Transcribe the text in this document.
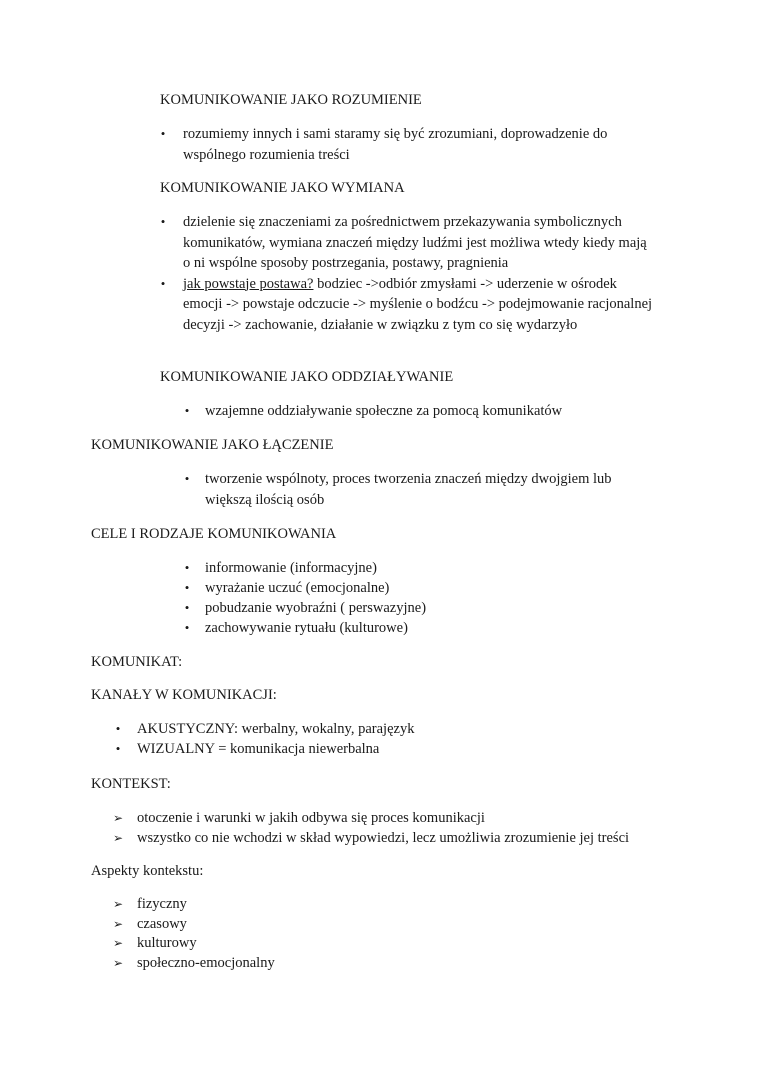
KOMUNIKOWANIE JAKO ROZUMIENIE
•	rozumiemy innych i sami staramy się być zrozumiani, doprowadzenie do wspólnego rozumienia treści
KOMUNIKOWANIE JAKO WYMIANA
•	dzielenie się znaczeniami za pośrednictwem przekazywania symbolicznych komunikatów, wymiana znaczeń między ludźmi jest możliwa wtedy kiedy mają o ni wspólne sposoby postrzegania, postawy, pragnienia
•	jak powstaje postawa? bodziec ->odbiór zmysłami -> uderzenie w ośrodek emocji -> powstaje odczucie -> myślenie o bodźcu -> podejmowanie racjonalnej decyzji -> zachowanie, działanie w związku z tym co się wydarzyło
KOMUNIKOWANIE JAKO ODDZIAŁYWANIE
•	wzajemne oddziaływanie społeczne za pomocą komunikatów
KOMUNIKOWANIE JAKO ŁĄCZENIE
•	tworzenie wspólnoty, proces tworzenia znaczeń między dwojgiem lub większą ilością osób
CELE I RODZAJE KOMUNIKOWANIA
•	informowanie (informacyjne)
•	wyrażanie uczuć (emocjonalne)
•	pobudzanie wyobraźni ( perswazyjne)
•	zachowywanie rytuału (kulturowe)
KOMUNIKAT:
KANAŁY W KOMUNIKACJI:
•	AKUSTYCZNY: werbalny, wokalny, parajęzyk
•	WIZUALNY = komunikacja niewerbalna
KONTEKST:
➢ otoczenie i warunki w jakih odbywa się proces komunikacji
➢ wszystko co nie wchodzi w skład wypowiedzi, lecz umożliwia zrozumienie jej treści
Aspekty kontekstu:
➢ fizyczny
➢ czasowy
➢ kulturowy
➢ społeczno-emocjonalny
